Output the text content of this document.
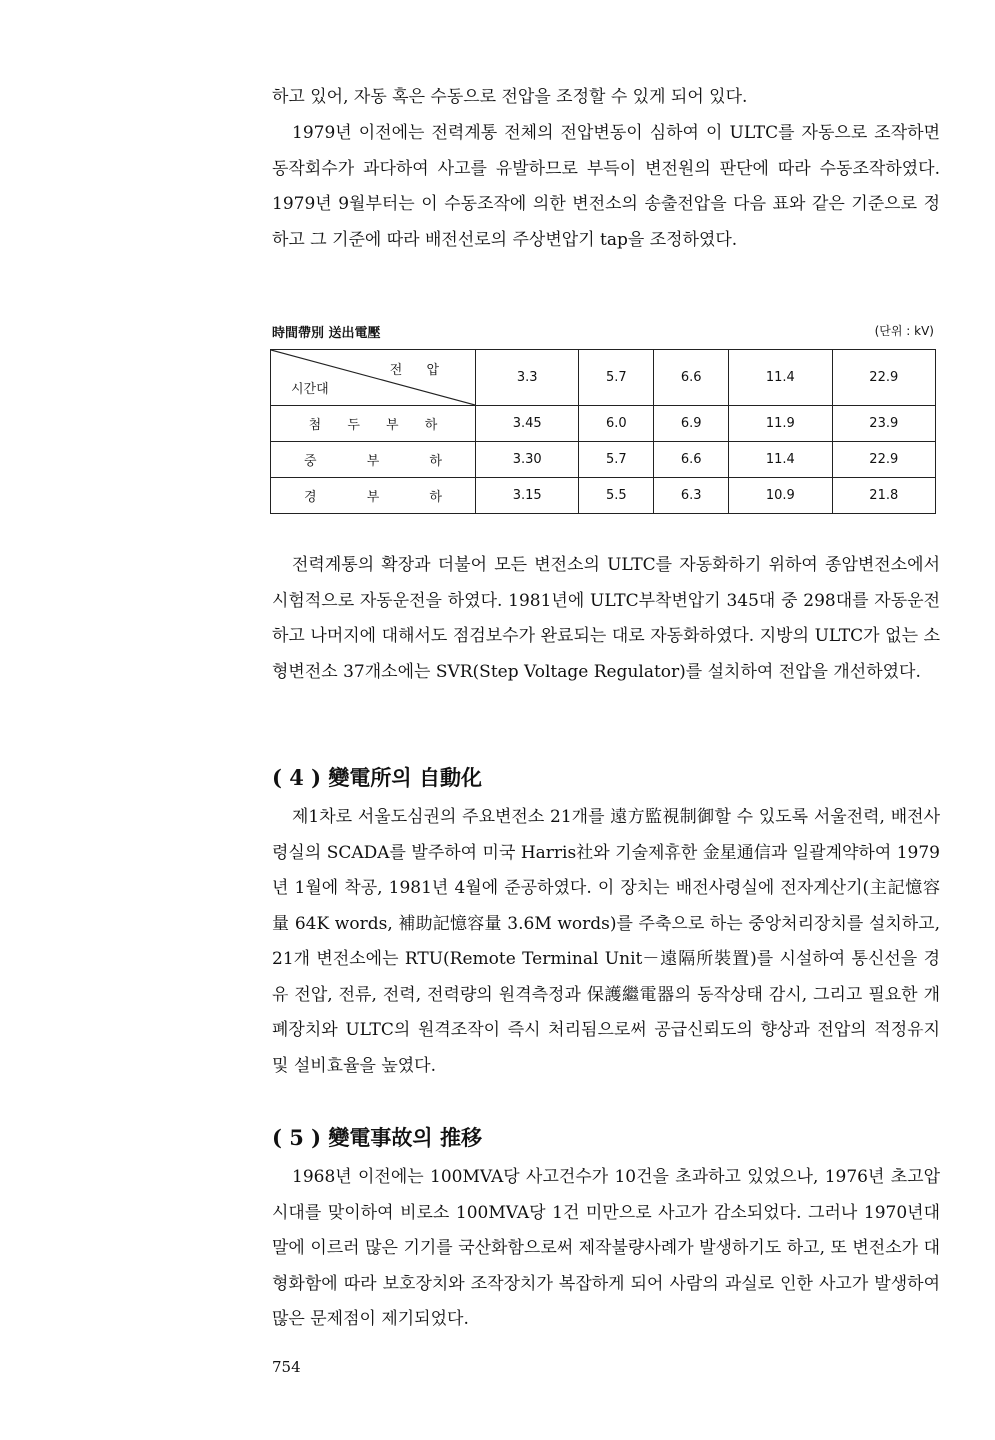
하고 있어, 자동 혹은 수동으로 전압을 조정할 수 있게 되어 있다.

1979년 이전에는 전력계통 전체의 전압변동이 심하여 이 ULTC를 자동으로 조작하면 동작회수가 과다하여 사고를 유발하므로 부득이 변전원의 판단에 따라 수동조작하였다. 1979년 9월부터는 이 수동조작에 의한 변전소의 송출전압을 다음 표와 같은 기준으로 정하고 그 기준에 따라 배전선로의 주상변압기 tap을 조정하였다.

時間帶別 送出電壓	(단위 : kV)
전 압
시간대	3.3	5.7	6.6	11.4	22.9
첨 두 부 하	3.45	6.0	6.9	11.9	23.9
중 부 하	3.30	5.7	6.6	11.4	22.9
경 부 하	3.15	5.5	6.3	10.9	21.8

전력계통의 확장과 더불어 모든 변전소의 ULTC를 자동화하기 위하여 종암변전소에서 시험적으로 자동운전을 하였다. 1981년에 ULTC부착변압기 345대 중 298대를 자동운전하고 나머지에 대해서도 점검보수가 완료되는 대로 자동화하였다. 지방의 ULTC가 없는 소형변전소 37개소에는 SVR(Step Voltage Regulator)를 설치하여 전압을 개선하였다.

( 4 ) 變電所의 自動化

제1차로 서울도심권의 주요변전소 21개를 遠方監視制御할 수 있도록 서울전력, 배전사령실의 SCADA를 발주하여 미국 Harris社와 기술제휴한 金星通信과 일괄계약하여 1979년 1월에 착공, 1981년 4월에 준공하였다. 이 장치는 배전사령실에 전자계산기(主記憶容量 64K words, 補助記憶容量 3.6M words)를 주축으로 하는 중앙처리장치를 설치하고, 21개 변전소에는 RTU(Remote Terminal Unit－遠隔所裝置)를 시설하여 통신선을 경유 전압, 전류, 전력, 전력량의 원격측정과 保護繼電器의 동작상태 감시, 그리고 필요한 개폐장치와 ULTC의 원격조작이 즉시 처리됨으로써 공급신뢰도의 향상과 전압의 적정유지 및 설비효율을 높였다.

( 5 ) 變電事故의 推移

1968년 이전에는 100MVA당 사고건수가 10건을 초과하고 있었으나, 1976년 초고압시대를 맞이하여 비로소 100MVA당 1건 미만으로 사고가 감소되었다. 그러나 1970년대말에 이르러 많은 기기를 국산화함으로써 제작불량사례가 발생하기도 하고, 또 변전소가 대형화함에 따라 보호장치와 조작장치가 복잡하게 되어 사람의 과실로 인한 사고가 발생하여 많은 문제점이 제기되었다.

754
